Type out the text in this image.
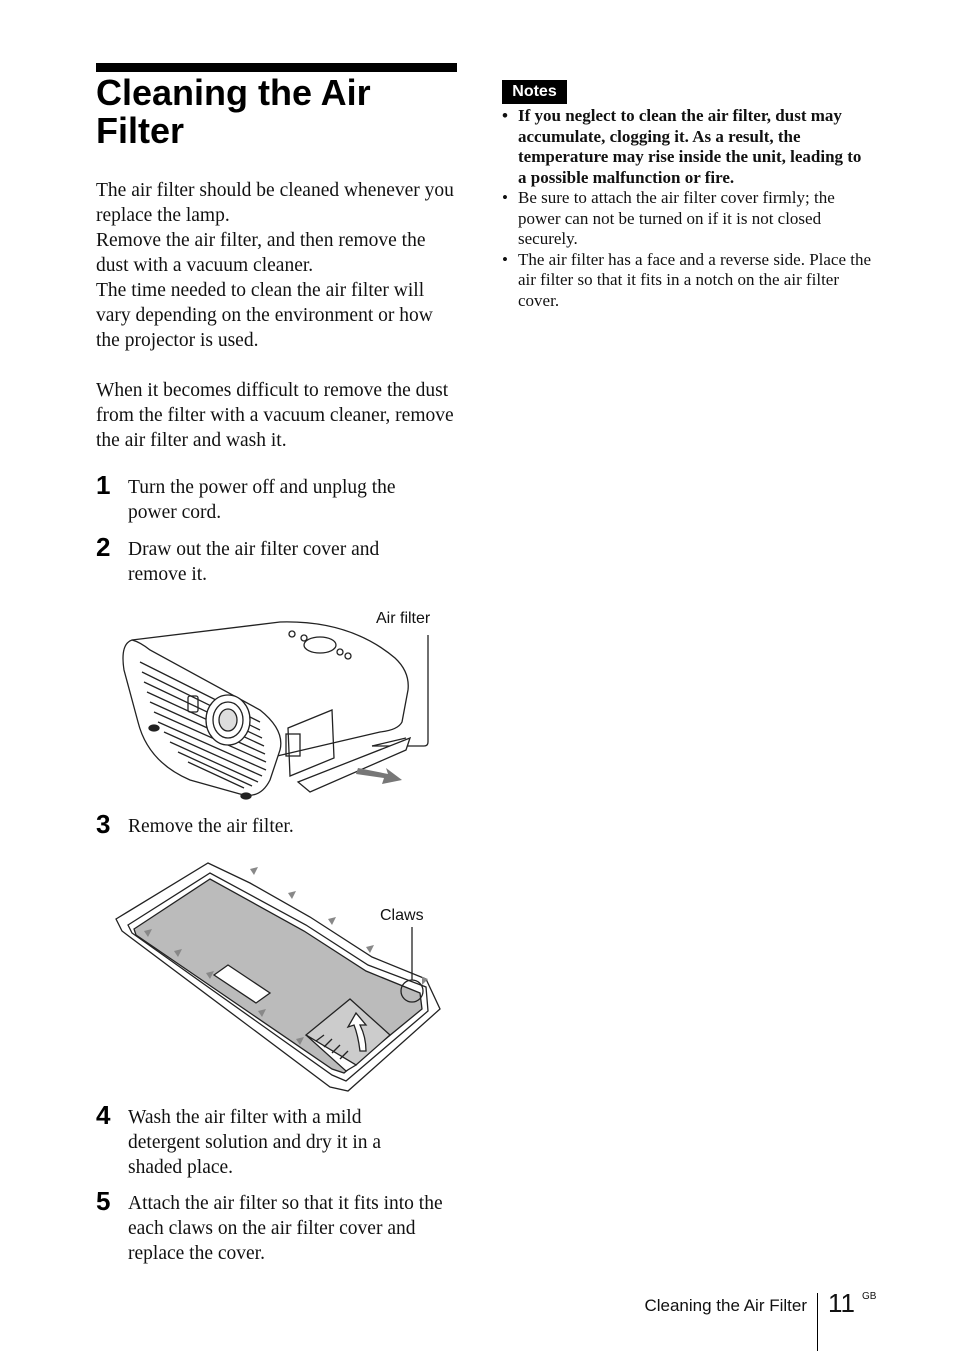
Cleaning the Air Filter

The air filter should be cleaned whenever you replace the lamp.

Remove the air filter, and then remove the dust with a vacuum cleaner.

The time needed to clean the air filter will vary depending on the environment or how the projector is used.

When it becomes difficult to remove the dust from the filter with a vacuum cleaner, remove the air filter and wash it.

1 Turn the power off and unplug the power cord.

2 Draw out the air filter cover and remove it.

Air filter
3 Remove the air filter.

Claws
4 Wash the air filter with a mild detergent solution and dry it in a shaded place.

5 Attach the air filter so that it fits into the each claws on the air filter cover and replace the cover.

Notes
• If you neglect to clean the air filter, dust may accumulate, clogging it. As a result, the temperature may rise inside the unit, leading to a possible malfunction or fire.
• Be sure to attach the air filter cover firmly; the power can not be turned on if it is not closed securely.
• The air filter has a face and a reverse side. Place the air filter so that it fits in a notch on the air filter cover.
Cleaning the Air Filter 11 GB
